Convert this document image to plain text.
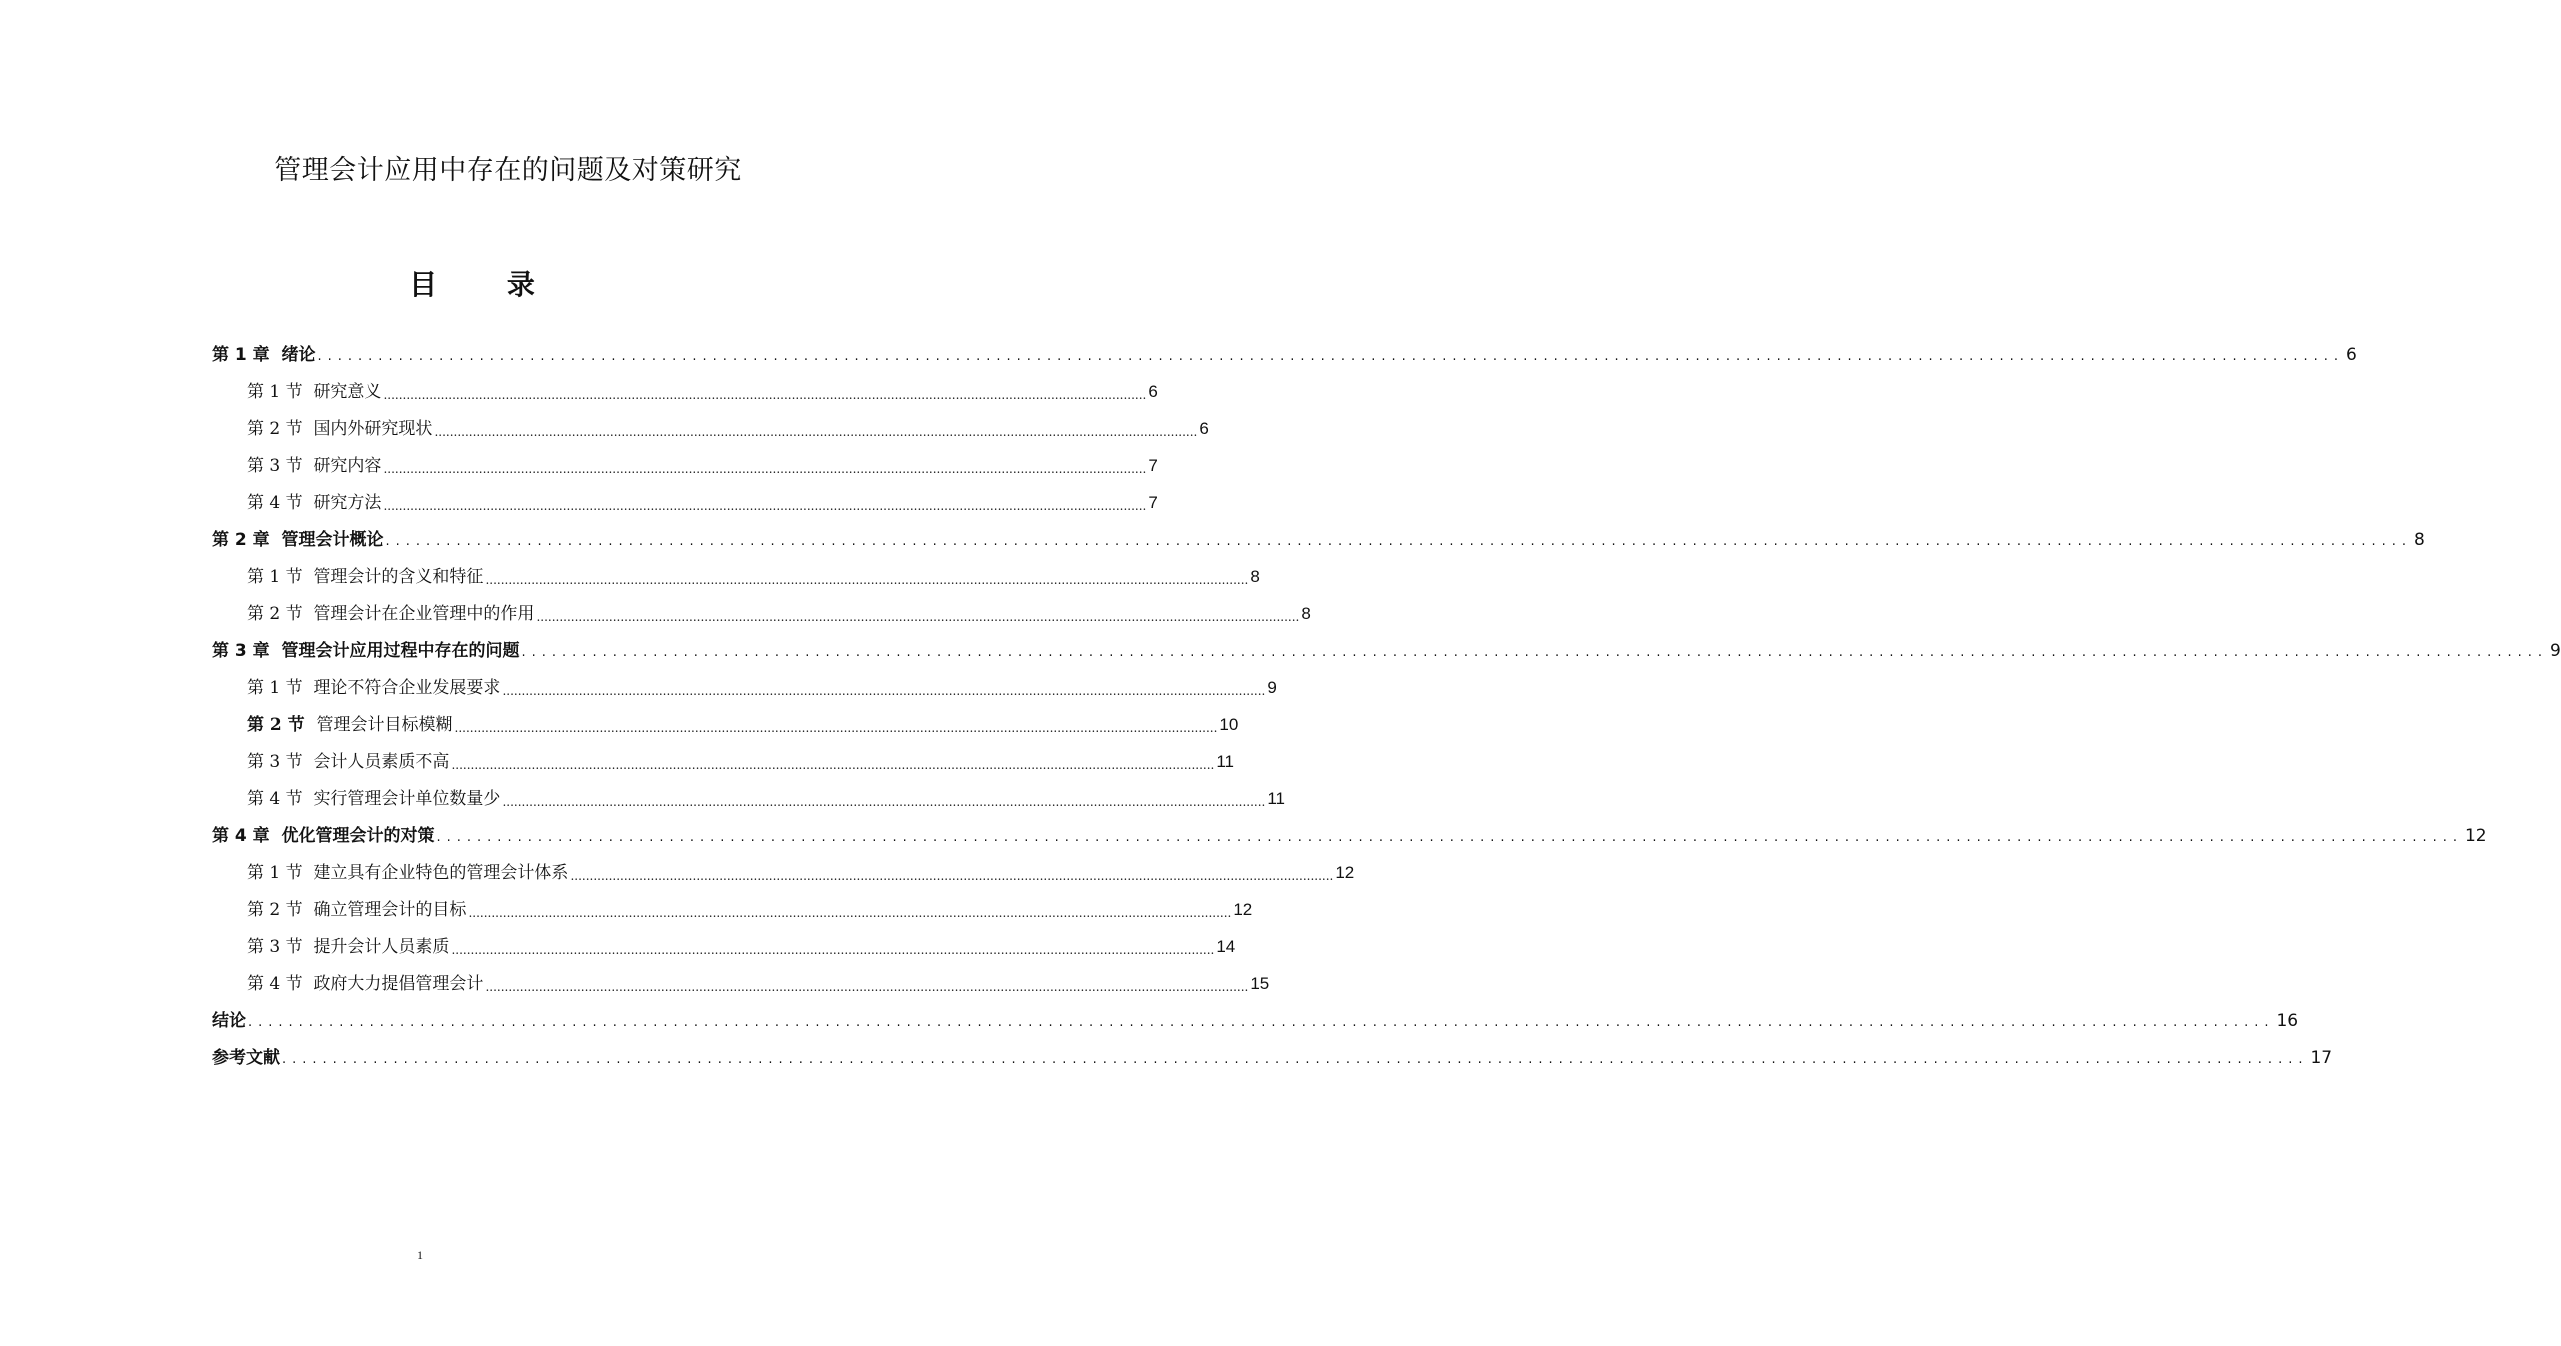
管理会计应用中存在的问题及对策研究
目 录
第 1 章 绪论 ........................................................................................................................................................................................................ 6
第 1 节 研究意义 ........................................................................................................................................................................................................ 6
第 2 节 国内外研究现状 ........................................................................................................................................................................................................ 6
第 3 节 研究内容 ........................................................................................................................................................................................................ 7
第 4 节 研究方法 ........................................................................................................................................................................................................ 7
第 2 章 管理会计概论 ........................................................................................................................................................................................................ 8
第 1 节 管理会计的含义和特征 ........................................................................................................................................................................................................ 8
第 2 节 管理会计在企业管理中的作用 ........................................................................................................................................................................................................ 8
第 3 章 管理会计应用过程中存在的问题 ........................................................................................................................................................................................................ 9
第 1 节 理论不符合企业发展要求 ........................................................................................................................................................................................................ 9
第 2 节 管理会计目标模糊 ........................................................................................................................................................................................................ 10
第 3 节 会计人员素质不高 ........................................................................................................................................................................................................ 11
第 4 节 实行管理会计单位数量少 ........................................................................................................................................................................................................ 11
第 4 章 优化管理会计的对策 ........................................................................................................................................................................................................ 12
第 1 节 建立具有企业特色的管理会计体系 ........................................................................................................................................................................................................ 12
第 2 节 确立管理会计的目标 ........................................................................................................................................................................................................ 12
第 3 节 提升会计人员素质 ........................................................................................................................................................................................................ 14
第 4 节 政府大力提倡管理会计 ........................................................................................................................................................................................................ 15
结论 ........................................................................................................................................................................................................ 16
参考文献 ........................................................................................................................................................................................................ 17
1
